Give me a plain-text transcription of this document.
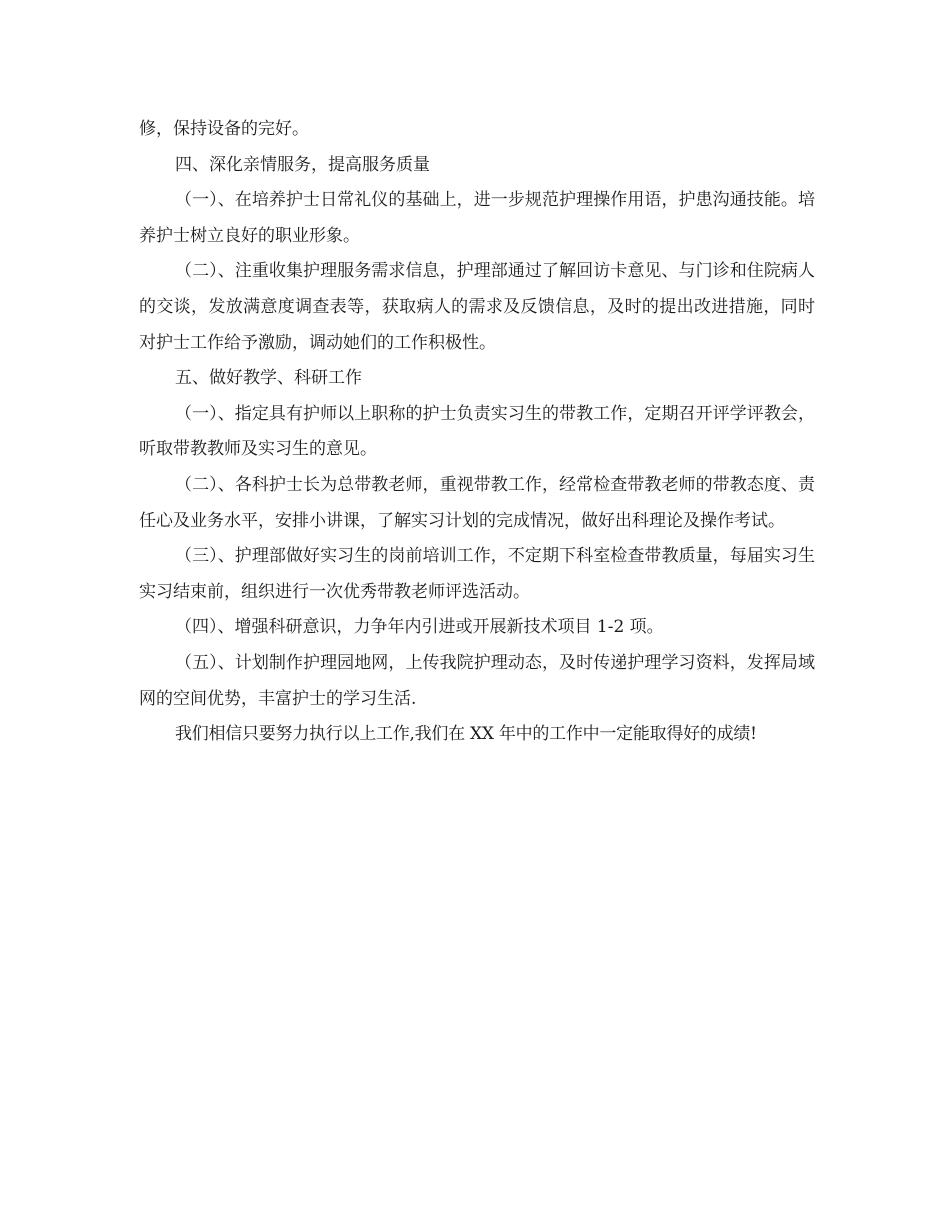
修，保持设备的完好。

四、深化亲情服务，提高服务质量

（一）、在培养护士日常礼仪的基础上，进一步规范护理操作用语，护患沟通技能。培养护士树立良好的职业形象。

（二）、注重收集护理服务需求信息，护理部通过了解回访卡意见、与门诊和住院病人的交谈，发放满意度调查表等，获取病人的需求及反馈信息，及时的提出改进措施，同时对护士工作给予激励，调动她们的工作积极性。

五、做好教学、科研工作

（一）、指定具有护师以上职称的护士负责实习生的带教工作，定期召开评学评教会，听取带教教师及实习生的意见。

（二）、各科护士长为总带教老师，重视带教工作，经常检查带教老师的带教态度、责任心及业务水平，安排小讲课，了解实习计划的完成情况，做好出科理论及操作考试。

（三）、护理部做好实习生的岗前培训工作，不定期下科室检查带教质量，每届实习生实习结束前，组织进行一次优秀带教老师评选活动。

（四）、增强科研意识，力争年内引进或开展新技术项目 1-2 项。

（五）、计划制作护理园地网，上传我院护理动态，及时传递护理学习资料，发挥局域网的空间优势，丰富护士的学习生活.

我们相信只要努力执行以上工作,我们在 XX 年中的工作中一定能取得好的成绩!
